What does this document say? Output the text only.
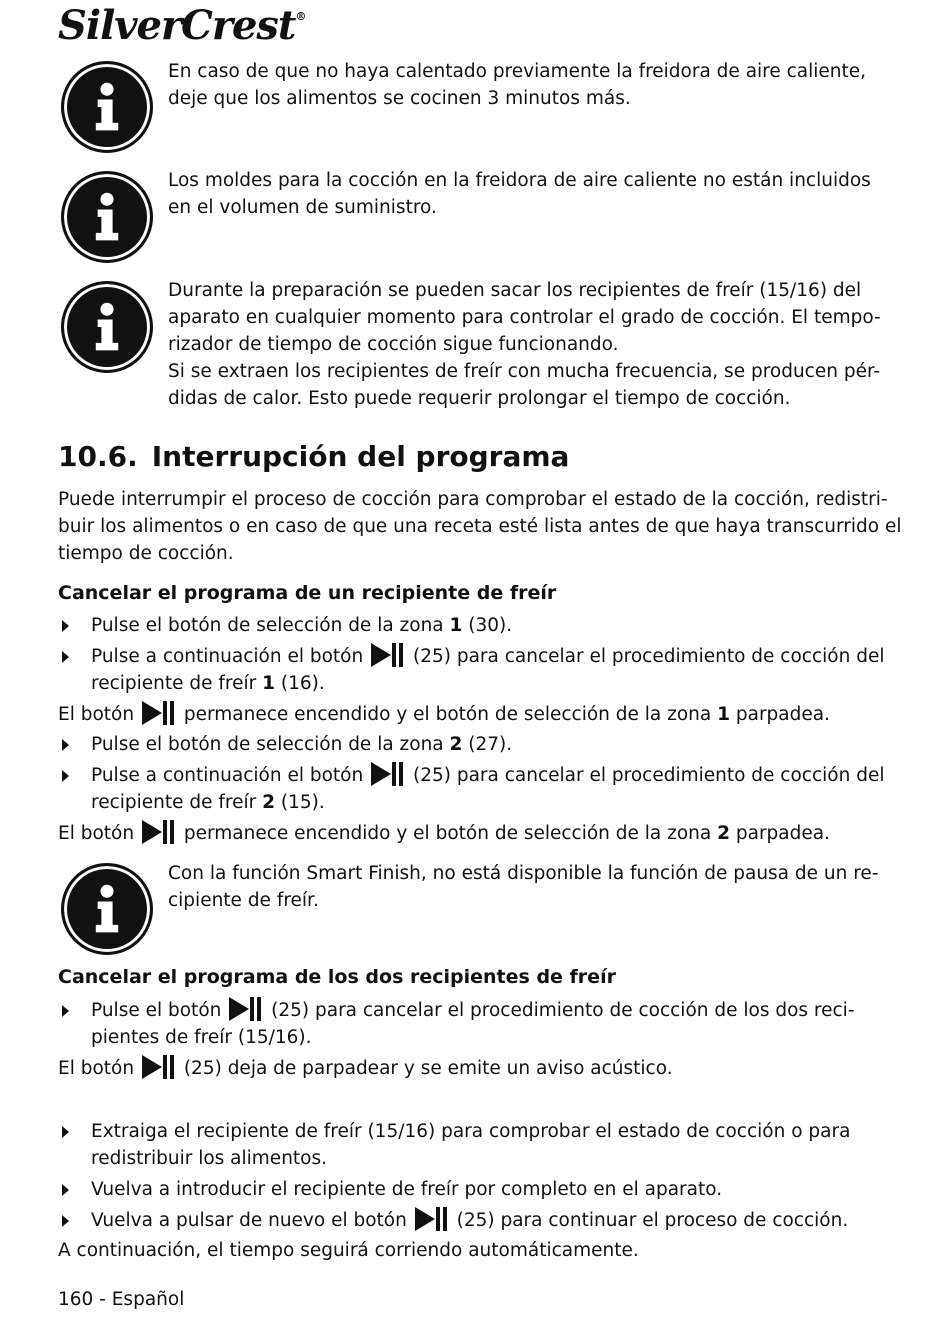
SilverCrest®

En caso de que no haya calentado previamente la freidora de aire caliente,

deje que los alimentos se cocinen 3 minutos más.

Los moldes para la cocción en la freidora de aire caliente no están incluidos

en el volumen de suministro.

Durante la preparación se pueden sacar los recipientes de freír (15/16) del

aparato en cualquier momento para controlar el grado de cocción. El tempo-

rizador de tiempo de cocción sigue funcionando.

Si se extraen los recipientes de freír con mucha frecuencia, se producen pér-

didas de calor. Esto puede requerir prolongar el tiempo de cocción.

10.6. Interrupción del programa

Puede interrumpir el proceso de cocción para comprobar el estado de la cocción, redistri-

buir los alimentos o en caso de que una receta esté lista antes de que haya transcurrido el

tiempo de cocción.

Cancelar el programa de un recipiente de freír

Pulse el botón de selección de la zona 1 (30).

Pulse a continuación el botón
(25) para cancelar el procedimiento de cocción del

recipiente de freír 1 (16).

El botón
permanece encendido y el botón de selección de la zona 1 parpadea.

Pulse el botón de selección de la zona 2 (27).

Pulse a continuación el botón
(25) para cancelar el procedimiento de cocción del

recipiente de freír 2 (15).

El botón
permanece encendido y el botón de selección de la zona 2 parpadea.

Con la función Smart Finish, no está disponible la función de pausa de un re-

cipiente de freír.

Cancelar el programa de los dos recipientes de freír

Pulse el botón
(25) para cancelar el procedimiento de cocción de los dos reci-

pientes de freír (15/16).

El botón
(25) deja de parpadear y se emite un aviso acústico.

Extraiga el recipiente de freír (15/16) para comprobar el estado de cocción o para

redistribuir los alimentos.

Vuelva a introducir el recipiente de freír por completo en el aparato.

Vuelva a pulsar de nuevo el botón
(25) para continuar el proceso de cocción.

A continuación, el tiempo seguirá corriendo automáticamente.

160 - Español
